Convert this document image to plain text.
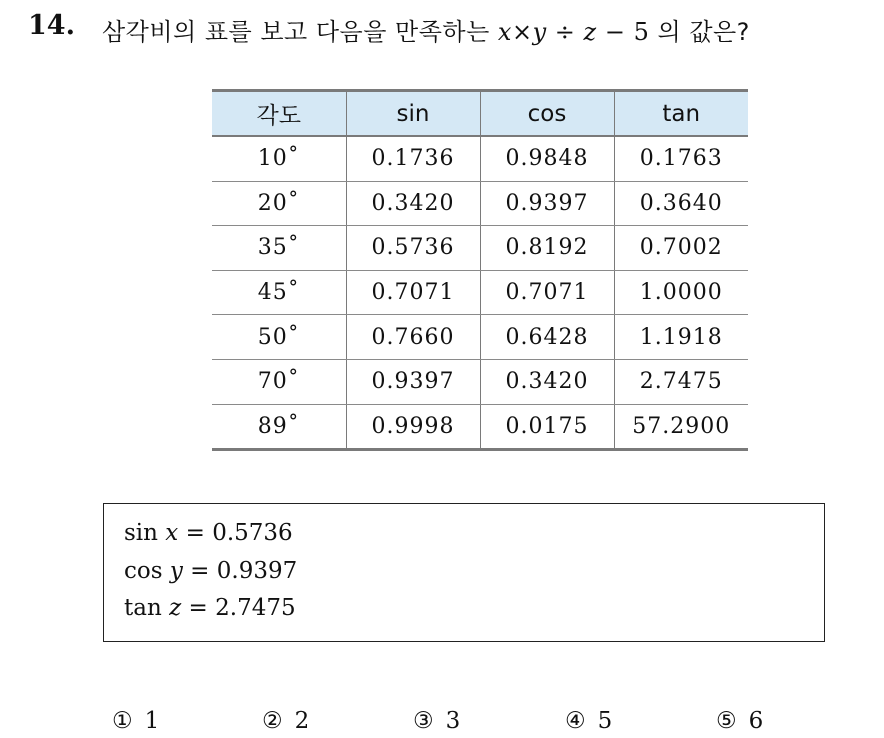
14. 삼각비의 표를 보고 다음을 만족하는 x×y ÷ z − 5 의 값은?
각도	sin	cos	tan
10˚	0.1736	0.9848	0.1763
20˚	0.3420	0.9397	0.3640
35˚	0.5736	0.8192	0.7002
45˚	0.7071	0.7071	1.0000
50˚	0.7660	0.6428	1.1918
70˚	0.9397	0.3420	2.7475
89˚	0.9998	0.0175	57.2900
sin x = 0.5736
cos y = 0.9397
tan z = 2.7475
① 1	② 2	③ 3	④ 5	⑤ 6
